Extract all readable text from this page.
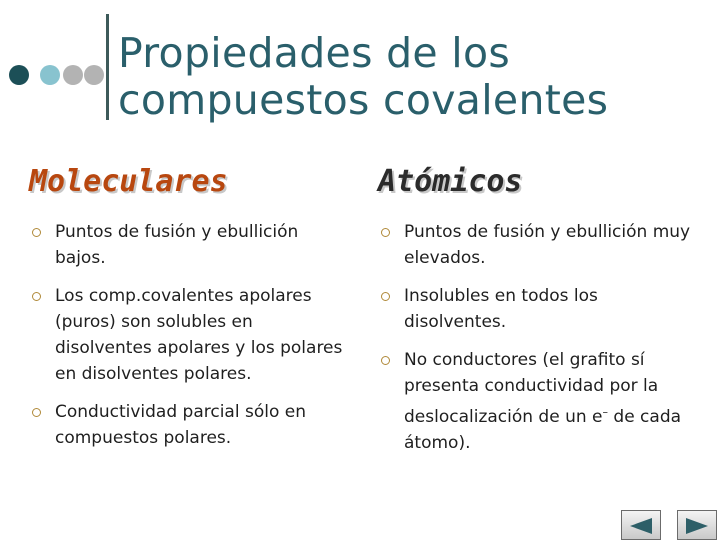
Propiedades de los
compuestos covalentes
Moleculares	Atómicos
Puntos de fusión y ebullición bajos.
Los comp.covalentes apolares (puros) son solubles en disolventes apolares y los polares en disolventes polares.
Conductividad parcial sólo en compuestos polares.
Puntos de fusión y ebullición muy elevados.
Insolubles en todos los disolventes.
No conductores (el grafito sí presenta conductividad por la deslocalización de un e– de cada átomo).
